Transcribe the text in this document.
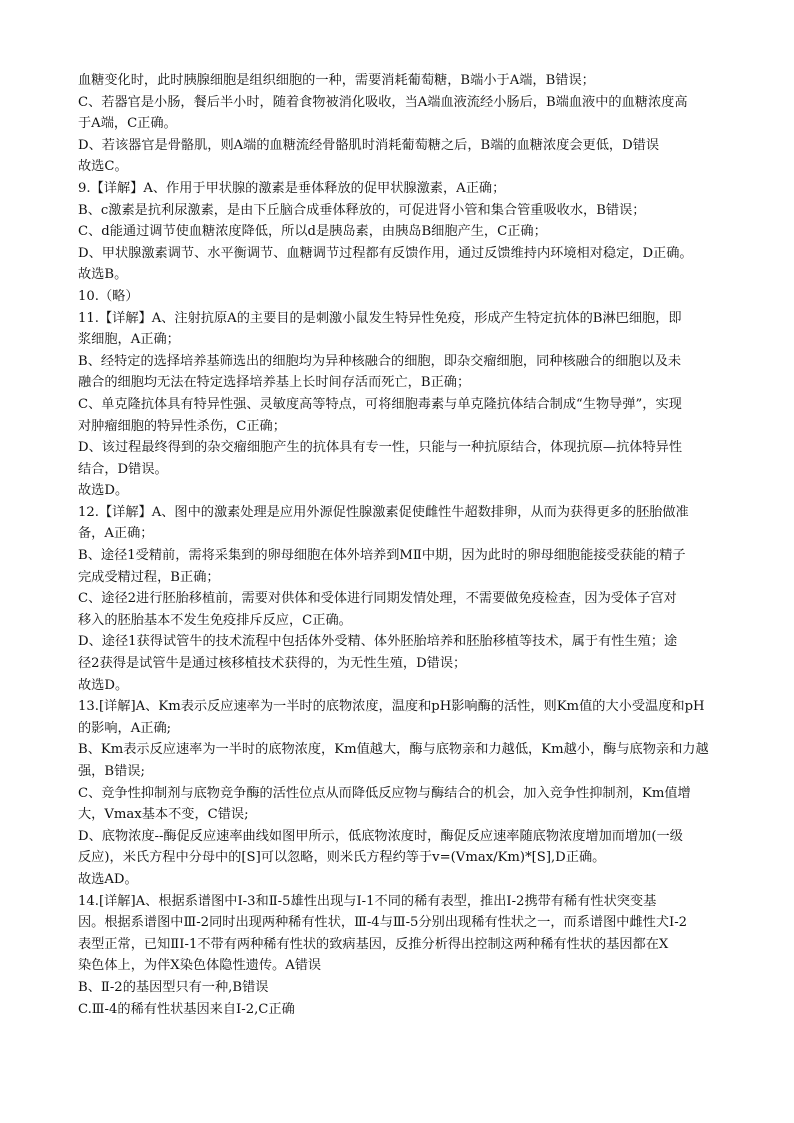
血糖变化时，此时胰腺细胞是组织细胞的一种，需要消耗葡萄糖，B端小于A端，B错误；
C、若器官是小肠，餐后半小时，随着食物被消化吸收，当A端血液流经小肠后，B端血液中的血糖浓度高
于A端，C正确。
D、若该器官是骨骼肌，则A端的血糖流经骨骼肌时消耗葡萄糖之后，B端的血糖浓度会更低，D错误
故选C。
9.【详解】A、作用于甲状腺的激素是垂体释放的促甲状腺激素，A正确；
B、c激素是抗利尿激素，是由下丘脑合成垂体释放的，可促进肾小管和集合管重吸收水，B错误；
C、d能通过调节使血糖浓度降低，所以d是胰岛素，由胰岛B细胞产生，C正确；
D、甲状腺激素调节、水平衡调节、血糖调节过程都有反馈作用，通过反馈维持内环境相对稳定，D正确。
故选B。
10.（略）
11.【详解】A、注射抗原A的主要目的是刺激小鼠发生特异性免疫，形成产生特定抗体的B淋巴细胞，即
浆细胞，A正确；
B、经特定的选择培养基筛选出的细胞均为异种核融合的细胞，即杂交瘤细胞，同种核融合的细胞以及未
融合的细胞均无法在特定选择培养基上长时间存活而死亡，B正确；
C、单克隆抗体具有特异性强、灵敏度高等特点，可将细胞毒素与单克隆抗体结合制成“生物导弹”，实现
对肿瘤细胞的特异性杀伤，C正确；
D、该过程最终得到的杂交瘤细胞产生的抗体具有专一性，只能与一种抗原结合，体现抗原—抗体特异性
结合，D错误。
故选D。
12.【详解】A、图中的激素处理是应用外源促性腺激素促使雌性牛超数排卵，从而为获得更多的胚胎做准
备，A正确；
B、途径1受精前，需将采集到的卵母细胞在体外培养到MⅡ中期，因为此时的卵母细胞能接受获能的精子
完成受精过程，B正确；
C、途径2进行胚胎移植前，需要对供体和受体进行同期发情处理，不需要做免疫检查，因为受体子宫对
移入的胚胎基本不发生免疫排斥反应，C正确。
D、途径1获得试管牛的技术流程中包括体外受精、体外胚胎培养和胚胎移植等技术，属于有性生殖；途
径2获得是试管牛是通过核移植技术获得的，为无性生殖，D错误；
故选D。
13.[详解]A、Km表示反应速率为一半时的底物浓度，温度和pH影响酶的活性，则Km值的大小受温度和pH
的影响，A正确;
B、Km表示反应速率为一半时的底物浓度，Km值越大，酶与底物亲和力越低，Km越小，酶与底物亲和力越
强，B错误;
C、竞争性抑制剂与底物竞争酶的活性位点从而降低反应物与酶结合的机会，加入竞争性抑制剂，Km值增
大，Vmax基本不变，C错误;
D、底物浓度--酶促反应速率曲线如图甲所示，低底物浓度时，酶促反应速率随底物浓度增加而增加(一级
反应)，米氏方程中分母中的[S]可以忽略，则米氏方程约等于v=(Vmax/Km)*[S],D正确。
故选AD。
14.[详解]A、根据系谱图中I-3和Ⅱ-5雄性出现与I-1不同的稀有表型，推出I-2携带有稀有性状突变基
因。根据系谱图中Ⅲ-2同时出现两种稀有性状，Ⅲ-4与Ⅲ-5分别出现稀有性状之一，而系谱图中雌性犬I-2
表型正常，已知ⅡI-1不带有两种稀有性状的致病基因，反推分析得出控制这两种稀有性状的基因都在X
染色体上，为伴X染色体隐性遗传。A错误
B、Ⅱ-2的基因型只有一种,B错误
C.Ⅲ-4的稀有性状基因来自Ⅰ-2,C正确
